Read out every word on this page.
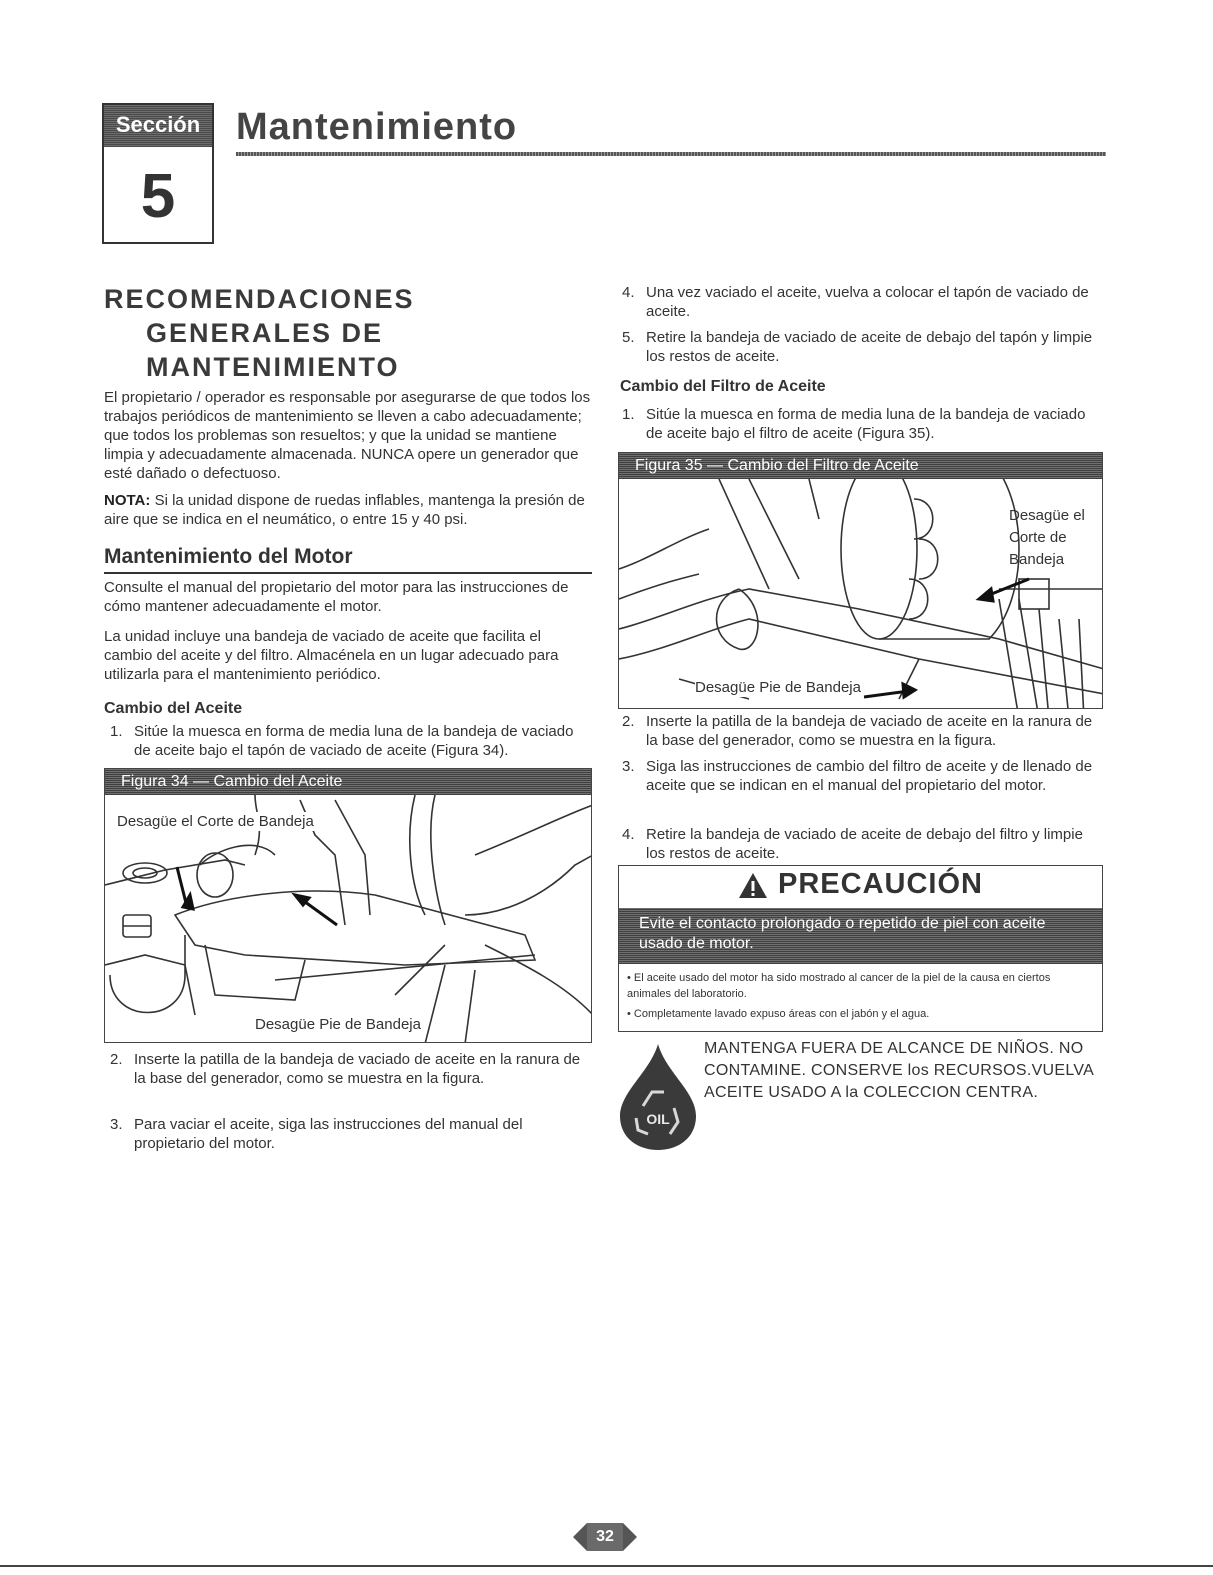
Sección
5
Mantenimiento
RECOMENDACIONES
GENERALES DE
MANTENIMIENTO
El propietario / operador es responsable por asegurarse de que todos los trabajos periódicos de mantenimiento se lleven a cabo adecuadamente; que todos los problemas son resueltos; y que la unidad se mantiene limpia y adecuadamente almacenada. NUNCA opere un generador que esté dañado o defectuoso.
NOTA: Si la unidad dispone de ruedas inflables, mantenga la presión de aire que se indica en el neumático, o entre 15 y 40 psi.
Mantenimiento del Motor
Consulte el manual del propietario del motor para las instrucciones de cómo mantener adecuadamente el motor.
La unidad incluye una bandeja de vaciado de aceite que facilita el cambio del aceite y del filtro. Almacénela en un lugar adecuado para utilizarla para el mantenimiento periódico.
Cambio del Aceite
1. Sitúe la muesca en forma de media luna de la bandeja de vaciado de aceite bajo el tapón de vaciado de aceite (Figura 34).
Figura 34 — Cambio del Aceite
Desagüe el Corte de Bandeja
Desagüe Pie de Bandeja
2. Inserte la patilla de la bandeja de vaciado de aceite en la ranura de la base del generador, como se muestra en la figura.
3. Para vaciar el aceite, siga las instrucciones del manual del propietario del motor.
4. Una vez vaciado el aceite, vuelva a colocar el tapón de vaciado de aceite.
5. Retire la bandeja de vaciado de aceite de debajo del tapón y limpie los restos de aceite.
Cambio del Filtro de Aceite
1. Sitúe la muesca en forma de media luna de la bandeja de vaciado de aceite bajo el filtro de aceite (Figura 35).
Figura 35 — Cambio del Filtro de Aceite
Desagüe el
Corte de
Bandeja
Desagüe Pie de Bandeja
2. Inserte la patilla de la bandeja de vaciado de aceite en la ranura de la base del generador, como se muestra en la figura.
3. Siga las instrucciones de cambio del filtro de aceite y de llenado de aceite que se indican en el manual del propietario del motor.
4. Retire la bandeja de vaciado de aceite de debajo del filtro y limpie los restos de aceite.
PRECAUCIÓN
Evite el contacto prolongado o repetido de piel con aceite usado de motor.
• El aceite usado del motor ha sido mostrado al cancer de la piel de la causa en ciertos animales del laboratorio.
• Completamente lavado expuso áreas con el jabón y el agua.
OIL
MANTENGA FUERA DE ALCANCE DE NIÑOS. NO CONTAMINE. CONSERVE los RECURSOS.VUELVA ACEITE USADO A la COLECCION CENTRA.
32
